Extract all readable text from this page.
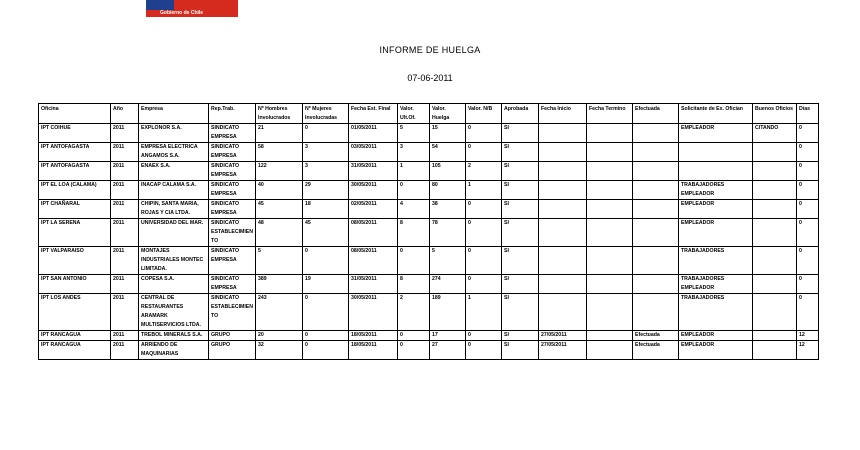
Gobierno de Chile
INFORME DE HUELGA
07-06-2011
Oficina	Año	Empresa	Rep.Trab.	Nº Hombres Involucrados	Nº Mujeres Involucradas	Fecha Est. Final	Valor. Ult.Of.	Valor. Huelga	Valor. N/B	Aprobada	Fecha Inicio	Fecha Termino	Efectuada	Solicitante de Ex. Ofician	Buenos Oficios	Días
IPT COIHUE	2011	EXPLONOR S.A.	SINDICATO EMPRESA	21	0	01/05/2011	5	15	0	SI				EMPLEADOR	CITANDO	0
IPT ANTOFAGASTA	2011	EMPRESA ELECTRICA ANGAMOS S.A.	SINDICATO EMPRESA	58	3	03/05/2011	3	54	0	SI						0
IPT ANTOFAGASTA	2011	ENAEX S.A.	SINDICATO EMPRESA	122	3	31/05/2011	1	105	2	SI						0
IPT EL LOA (CALAMA)	2011	INACAP CALAMA S.A.	SINDICATO EMPRESA	40	29	30/05/2011	0	80	1	SI				TRABAJADORES EMPLEADOR		0
IPT CHAÑARAL	2011	CHIPIN, SANTA MARIA, ROJAS Y CIA LTDA.	SINDICATO EMPRESA	45	18	02/05/2011	4	38	0	SI				EMPLEADOR		0
IPT LA SERENA	2011	UNIVERSIDAD DEL MAR.	SINDICATO ESTABLECIMIENTO	48	45	08/05/2011	8	78	0	SI				EMPLEADOR		0
IPT VALPARAISO	2011	MONTAJES INDUSTRIALES MONTEC LIMITADA.	SINDICATO EMPRESA	5	0	08/05/2011	0	5	0	SI				TRABAJADORES		0
IPT SAN ANTONIO	2011	COPESA S.A.	SINDICATO EMPRESA	389	19	31/05/2011	8	274	0	SI				TRABAJADORES EMPLEADOR		0
IPT LOS ANDES	2011	CENTRAL DE RESTAURANTES ARAMARK MULTISERVICIOS LTDA.	SINDICATO ESTABLECIMIENTO	243	0	30/05/2011	2	189	1	SI				TRABAJADORES		0
IPT RANCAGUA	2011	TREBOL MINERALS S.A.	GRUPO	20	0	18/05/2011	0	17	0	SI	27/05/2011		Efectuada	EMPLEADOR		12
IPT RANCAGUA	2011	ARRIENDO DE MAQUINARIAS	GRUPO	32	0	18/05/2011	0	27	0	SI	27/05/2011		Efectuada	EMPLEADOR		12
